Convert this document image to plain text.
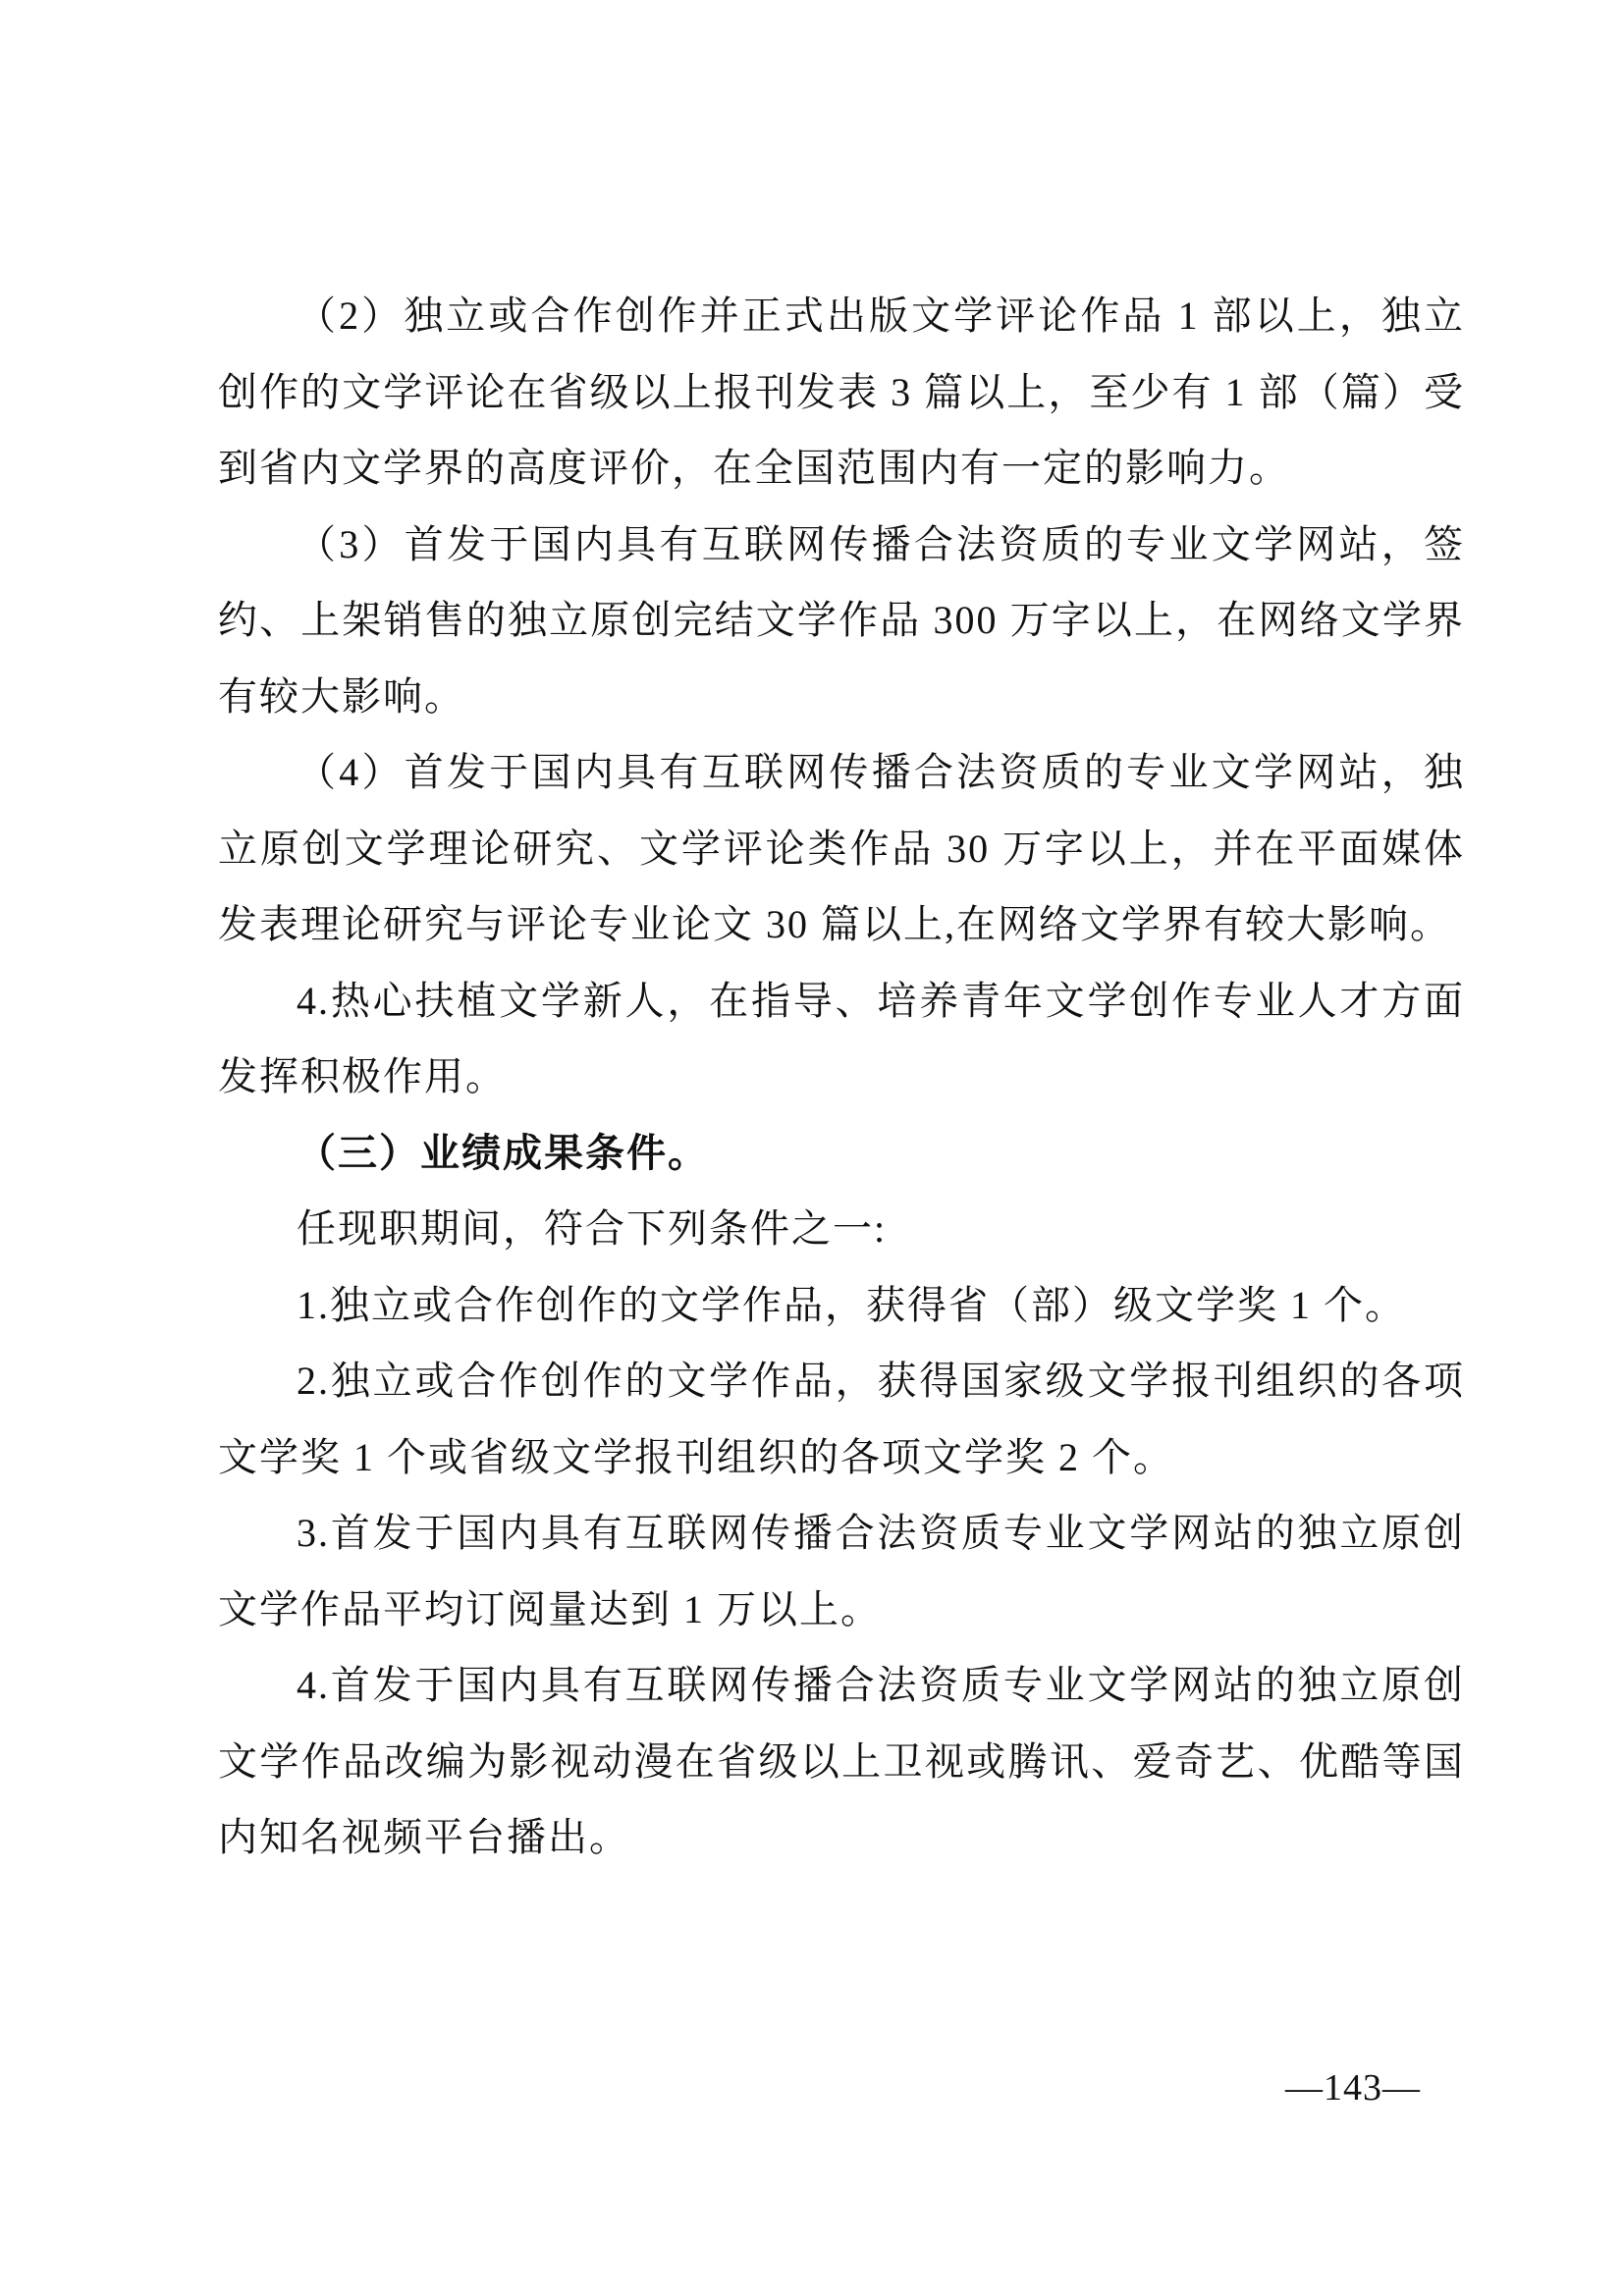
（2）独立或合作创作并正式出版文学评论作品 1 部以上，独立创作的文学评论在省级以上报刊发表 3 篇以上，至少有 1 部（篇）受到省内文学界的高度评价，在全国范围内有一定的影响力。

（3）首发于国内具有互联网传播合法资质的专业文学网站，签约、上架销售的独立原创完结文学作品 300 万字以上，在网络文学界有较大影响。

（4）首发于国内具有互联网传播合法资质的专业文学网站，独立原创文学理论研究、文学评论类作品 30 万字以上，并在平面媒体发表理论研究与评论专业论文 30 篇以上,在网络文学界有较大影响。

4.热心扶植文学新人，在指导、培养青年文学创作专业人才方面发挥积极作用。

（三）业绩成果条件。

任现职期间，符合下列条件之一:

1.独立或合作创作的文学作品，获得省（部）级文学奖 1 个。

2.独立或合作创作的文学作品，获得国家级文学报刊组织的各项文学奖 1 个或省级文学报刊组织的各项文学奖 2 个。

3.首发于国内具有互联网传播合法资质专业文学网站的独立原创文学作品平均订阅量达到 1 万以上。

4.首发于国内具有互联网传播合法资质专业文学网站的独立原创文学作品改编为影视动漫在省级以上卫视或腾讯、爱奇艺、优酷等国内知名视频平台播出。

—143—
